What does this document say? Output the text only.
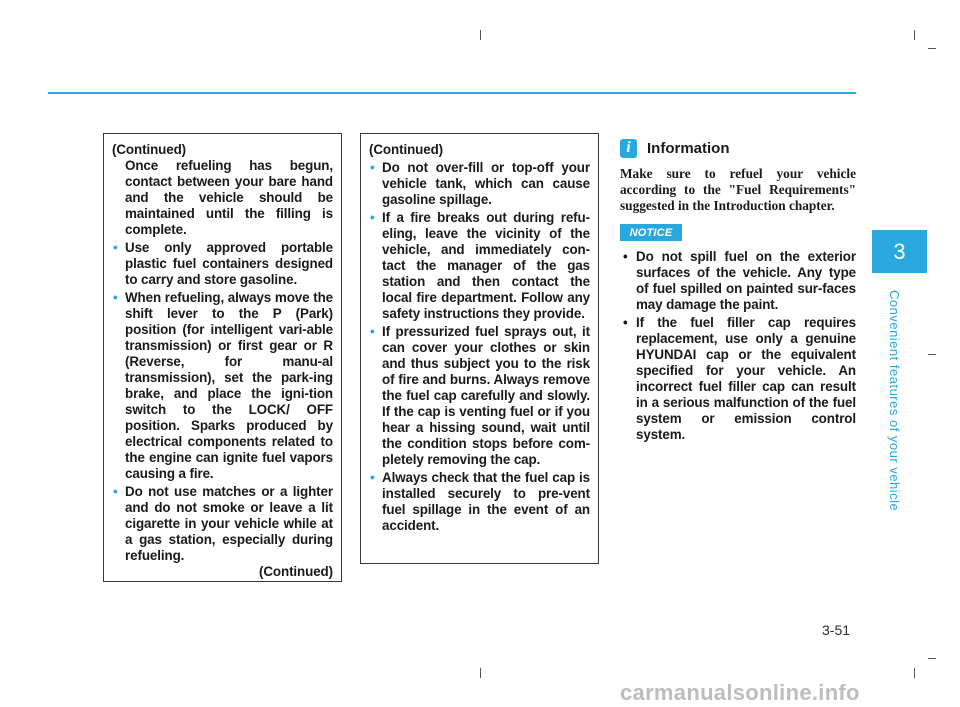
(Continued)

Once refueling has begun, contact between your bare hand and the vehicle should be maintained until the filling is complete.

• Use only approved portable plastic fuel containers designed to carry and store gasoline.
• When refueling, always move the shift lever to the P (Park) position (for intelligent vari-able transmission) or first gear or R (Reverse, for manu-al transmission), set the park-ing brake, and place the igni-tion switch to the LOCK/ OFF position. Sparks produced by electrical components related to the engine can ignite fuel vapors causing a fire.
• Do not use matches or a lighter and do not smoke or leave a lit cigarette in your vehicle while at a gas station, especially during refueling.

(Continued)

(Continued)

• Do not over-fill or top-off your vehicle tank, which can cause gasoline spillage.
• If a fire breaks out during refu-eling, leave the vicinity of the vehicle, and immediately con-tact the manager of the gas station and then contact the local fire department. Follow any safety instructions they provide.
• If pressurized fuel sprays out, it can cover your clothes or skin and thus subject you to the risk of fire and burns. Always remove the fuel cap carefully and slowly. If the cap is venting fuel or if you hear a hissing sound, wait until the condition stops before com-pletely removing the cap.
• Always check that the fuel cap is installed securely to pre-vent fuel spillage in the event of an accident.
i	Information

Make sure to refuel your vehicle according to the "Fuel Requirements" suggested in the Introduction chapter.

NOTICE
• Do not spill fuel on the exterior surfaces of the vehicle. Any type of fuel spilled on painted sur-faces may damage the paint.
• If the fuel filler cap requires replacement, use only a genuine HYUNDAI cap or the equivalent specified for your vehicle. An incorrect fuel filler cap can result in a serious malfunction of the fuel system or emission control system.
3
Convenient features of your vehicle
3-51
carmanualsonline.info
